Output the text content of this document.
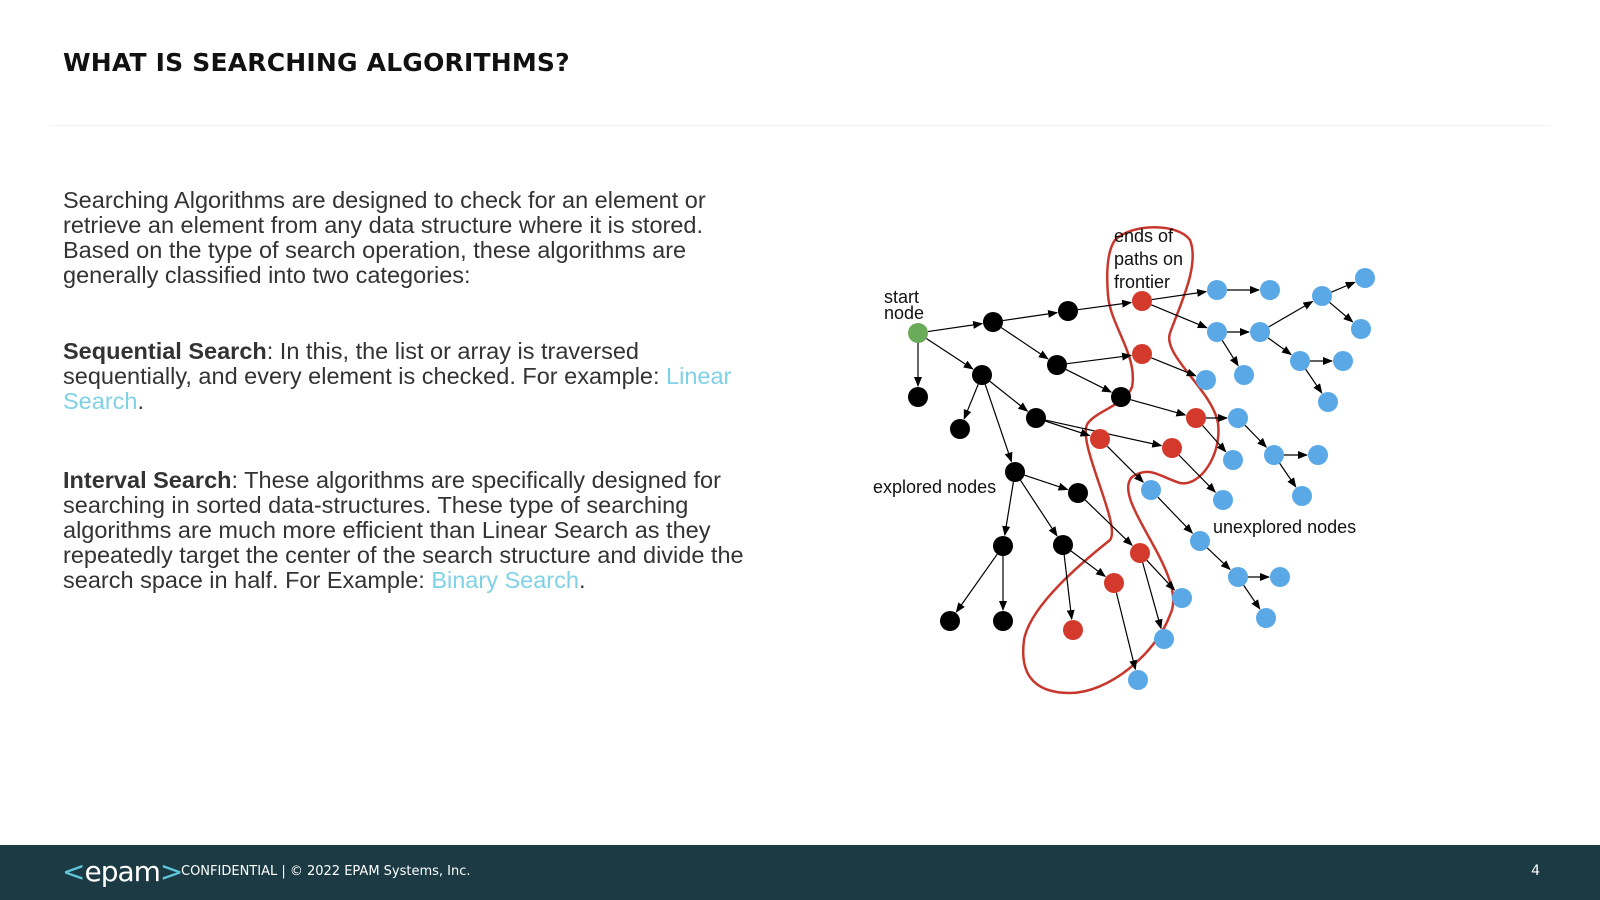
WHAT IS SEARCHING ALGORITHMS?

Searching Algorithms are designed to check for an element or retrieve an element from any data structure where it is stored. Based on the type of search operation, these algorithms are generally classified into two categories:

Sequential Search: In this, the list or array is traversed sequentially, and every element is checked. For example: Linear Search.

Interval Search: These algorithms are specifically designed for searching in sorted data-structures. These type of searching algorithms are much more efficient than Linear Search as they repeatedly target the center of the search structure and divide the search space in half. For Example: Binary Search.

start
node
ends of
paths on
frontier
explored nodes
unexplored nodes
<epam>
CONFIDENTIAL | © 2022 EPAM Systems, Inc.	4
